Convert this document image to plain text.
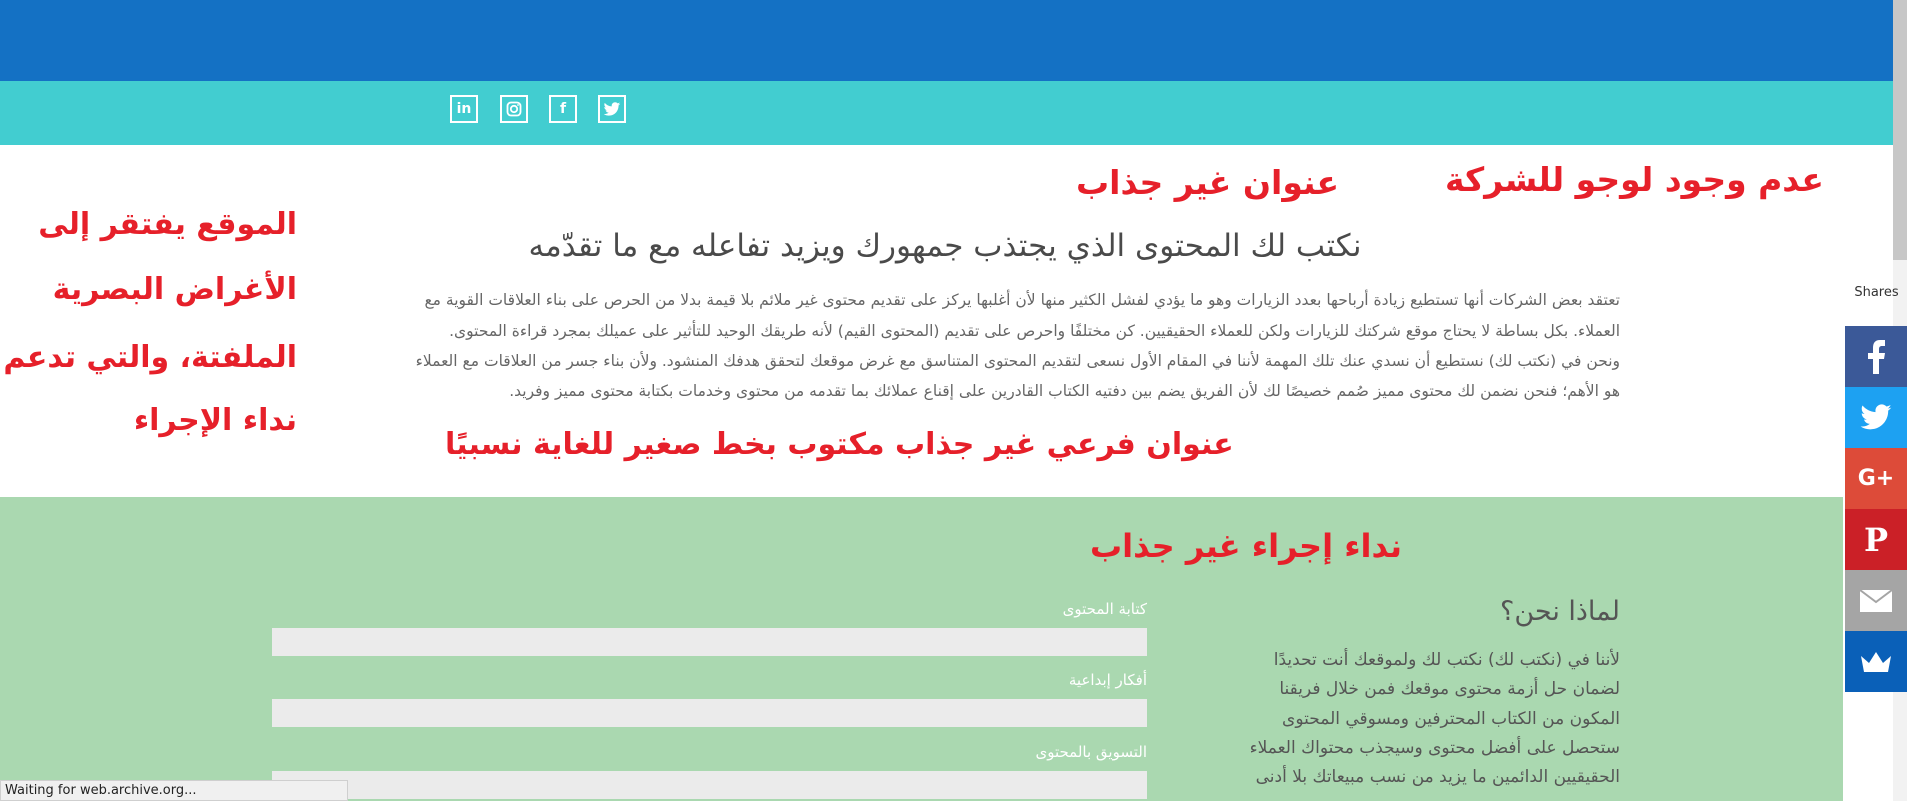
in	f
عدم وجود لوجو للشركة
عنوان غير جذاب
نكتب لك المحتوى الذي يجتذب جمهورك ويزيد تفاعله مع ما تقدّمه
تعتقد بعض الشركات أنها تستطيع زيادة أرباحها بعدد الزيارات وهو ما يؤدي لفشل الكثير منها لأن أغلبها يركز على تقديم محتوى غير ملائم بلا قيمة بدلا من الحرص على بناء العلاقات القوية مع
العملاء. بكل بساطة لا يحتاج موقع شركتك للزيارات ولكن للعملاء الحقيقيين. كن مختلفًا واحرص على تقديم (المحتوى القيم) لأنه طريقك الوحيد للتأثير على عميلك بمجرد قراءة المحتوى.
ونحن في (نكتب لك) نستطيع أن نسدي عنك تلك المهمة لأننا في المقام الأول نسعى لتقديم المحتوى المتناسق مع غرض موقعك لتحقق هدفك المنشود. ولأن بناء جسر من العلاقات مع العملاء
هو الأهم؛ فنحن نضمن لك محتوى مميز صُمم خصيصًا لك لأن الفريق يضم بين دفتيه الكتاب القادرين على إقناع عملائك بما تقدمه من محتوى وخدمات بكتابة محتوى مميز وفريد.
الموقع يفتقر إلى
الأغراض البصرية
الملفتة، والتي تدعم
نداء الإجراء
عنوان فرعي غير جذاب مكتوب بخط صغير للغاية نسبيًا
نداء إجراء غير جذاب
كتابة المحتوى
أفكار إبداعية
التسويق بالمحتوى
لماذا نحن؟
لأننا في (نكتب لك) نكتب لك ولموقعك أنت تحديدًا
لضمان حل أزمة محتوى موقعك فمن خلال فريقنا
المكون من الكتاب المحترفين ومسوقي المحتوى
ستحصل على أفضل محتوى وسيجذب محتواك العملاء
الحقيقيين الدائمين ما يزيد من نسب مبيعاتك بلا أدنى
Shares
G+
P
Waiting for web.archive.org...
